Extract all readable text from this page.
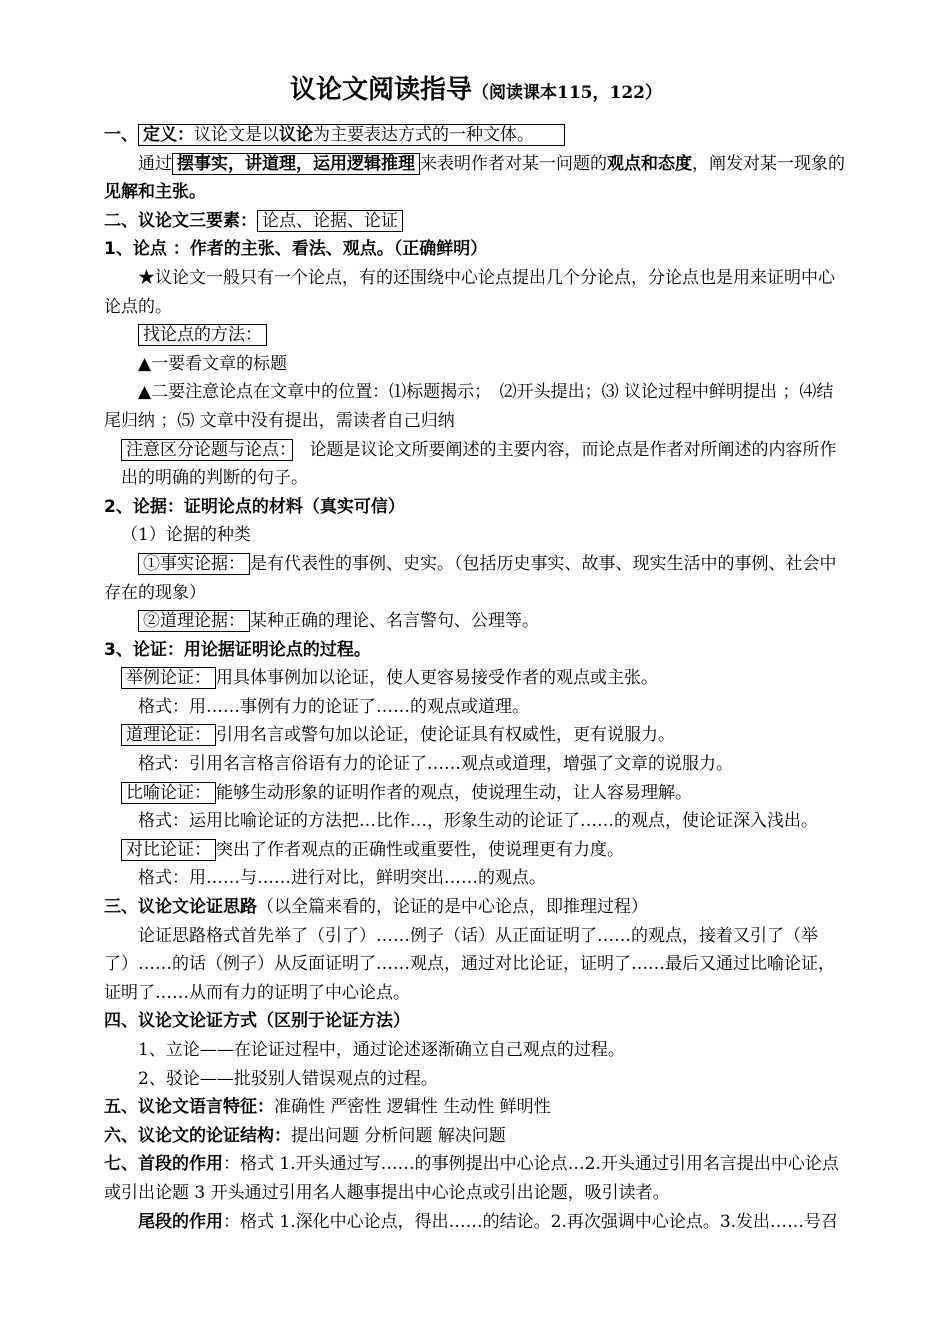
议论文阅读指导（阅读课本115，122）

一、 定义：议论文是以议论为主要表达方式的一种文体。　　

通过 摆事实，讲道理，运用逻辑推理 来表明作者对某一问题的观点和态度，阐发对某一现象的见解和主张。

二、议论文三要素： 论点、论据、论证

1、论点 ：作者的主张、看法、观点。（正确鲜明）

★议论文一般只有一个论点，有的还围绕中心论点提出几个分论点，分论点也是用来证明中心论点的。

找论点的方法：

▲一要看文章的标题

▲二要注意论点在文章中的位置：⑴标题揭示；　⑵开头提出；⑶ 议论过程中鲜明提出 ；⑷结尾归纳 ；⑸ 文章中没有提出，需读者自己归纳

注意区分论题与论点：　论题是议论文所要阐述的主要内容，而论点是作者对所阐述的内容所作出的明确的判断的句子。

2、论据：证明论点的材料（真实可信）

（1）论据的种类

①事实论据： 是有代表性的事例、史实。（包括历史事实、故事、现实生活中的事例、社会中存在的现象）

②道理论据： 某种正确的理论、名言警句、公理等。

3、论证：用论据证明论点的过程。

举例论证： 用具体事例加以论证，使人更容易接受作者的观点或主张。

格式：用……事例有力的论证了……的观点或道理。

道理论证： 引用名言或警句加以论证，使论证具有权威性，更有说服力。

格式：引用名言格言俗语有力的论证了……观点或道理，增强了文章的说服力。

比喻论证： 能够生动形象的证明作者的观点，使说理生动，让人容易理解。

格式：运用比喻论证的方法把…比作…，形象生动的论证了……的观点，使论证深入浅出。

对比论证： 突出了作者观点的正确性或重要性，使说理更有力度。

格式：用……与……进行对比，鲜明突出……的观点。

三、议论文论证思路（以全篇来看的，论证的是中心论点，即推理过程）

论证思路格式首先举了（引了）……例子（话）从正面证明了……的观点，接着又引了（举了）……的话（例子）从反面证明了……观点，通过对比论证，证明了……最后又通过比喻论证，证明了……从而有力的证明了中心论点。

四、议论文论证方式（区别于论证方法）

1、立论——在论证过程中，通过论述逐渐确立自己观点的过程。

2、驳论——批驳别人错误观点的过程。

五、议论文语言特征：准确性 严密性 逻辑性 生动性 鲜明性

六、议论文的论证结构：提出问题 分析问题 解决问题

七、首段的作用：格式 1.开头通过写……的事例提出中心论点…2.开头通过引用名言提出中心论点或引出论题 3 开头通过引用名人趣事提出中心论点或引出论题，吸引读者。

尾段的作用：格式 1.深化中心论点，得出……的结论。2.再次强调中心论点。3.发出……号召
